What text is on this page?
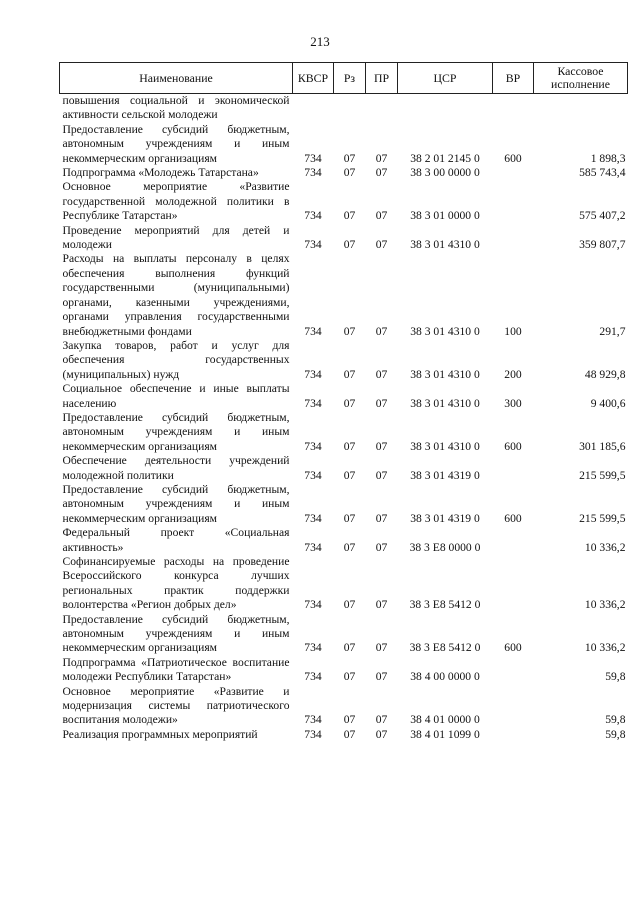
213
Наименование	КВСР	Рз	ПР	ЦСР	ВР	Кассовое исполнение
повышения социальной и экономической активности сельской молодежи						
Предоставление субсидий бюджетным, автономным учреждениям и иным некоммерческим организациям	734	07	07	38 2 01 2145 0	600	1 898,3
Подпрограмма «Молодежь Татарстана»	734	07	07	38 3 00 0000 0		585 743,4
Основное мероприятие «Развитие государственной молодежной политики в Республике Татарстан»	734	07	07	38 3 01 0000 0		575 407,2
Проведение мероприятий для детей и молодежи	734	07	07	38 3 01 4310 0		359 807,7
Расходы на выплаты персоналу в целях обеспечения выполнения функций государственными (муниципальными) органами, казенными учреждениями, органами управления государственными внебюджетными фондами	734	07	07	38 3 01 4310 0	100	291,7
Закупка товаров, работ и услуг для обеспечения государственных (муниципальных) нужд	734	07	07	38 3 01 4310 0	200	48 929,8
Социальное обеспечение и иные выплаты населению	734	07	07	38 3 01 4310 0	300	9 400,6
Предоставление субсидий бюджетным, автономным учреждениям и иным некоммерческим организациям	734	07	07	38 3 01 4310 0	600	301 185,6
Обеспечение деятельности учреждений молодежной политики	734	07	07	38 3 01 4319 0		215 599,5
Предоставление субсидий бюджетным, автономным учреждениям и иным некоммерческим организациям	734	07	07	38 3 01 4319 0	600	215 599,5
Федеральный проект «Социальная активность»	734	07	07	38 3 E8 0000 0		10 336,2
Софинансируемые расходы на проведение Всероссийского конкурса лучших региональных практик поддержки волонтерства «Регион добрых дел»	734	07	07	38 3 E8 5412 0		10 336,2
Предоставление субсидий бюджетным, автономным учреждениям и иным некоммерческим организациям	734	07	07	38 3 E8 5412 0	600	10 336,2
Подпрограмма «Патриотическое воспитание молодежи Республики Татарстан»	734	07	07	38 4 00 0000 0		59,8
Основное мероприятие «Развитие и модернизация системы патриотического воспитания молодежи»	734	07	07	38 4 01 0000 0		59,8
Реализация программных мероприятий	734	07	07	38 4 01 1099 0		59,8
